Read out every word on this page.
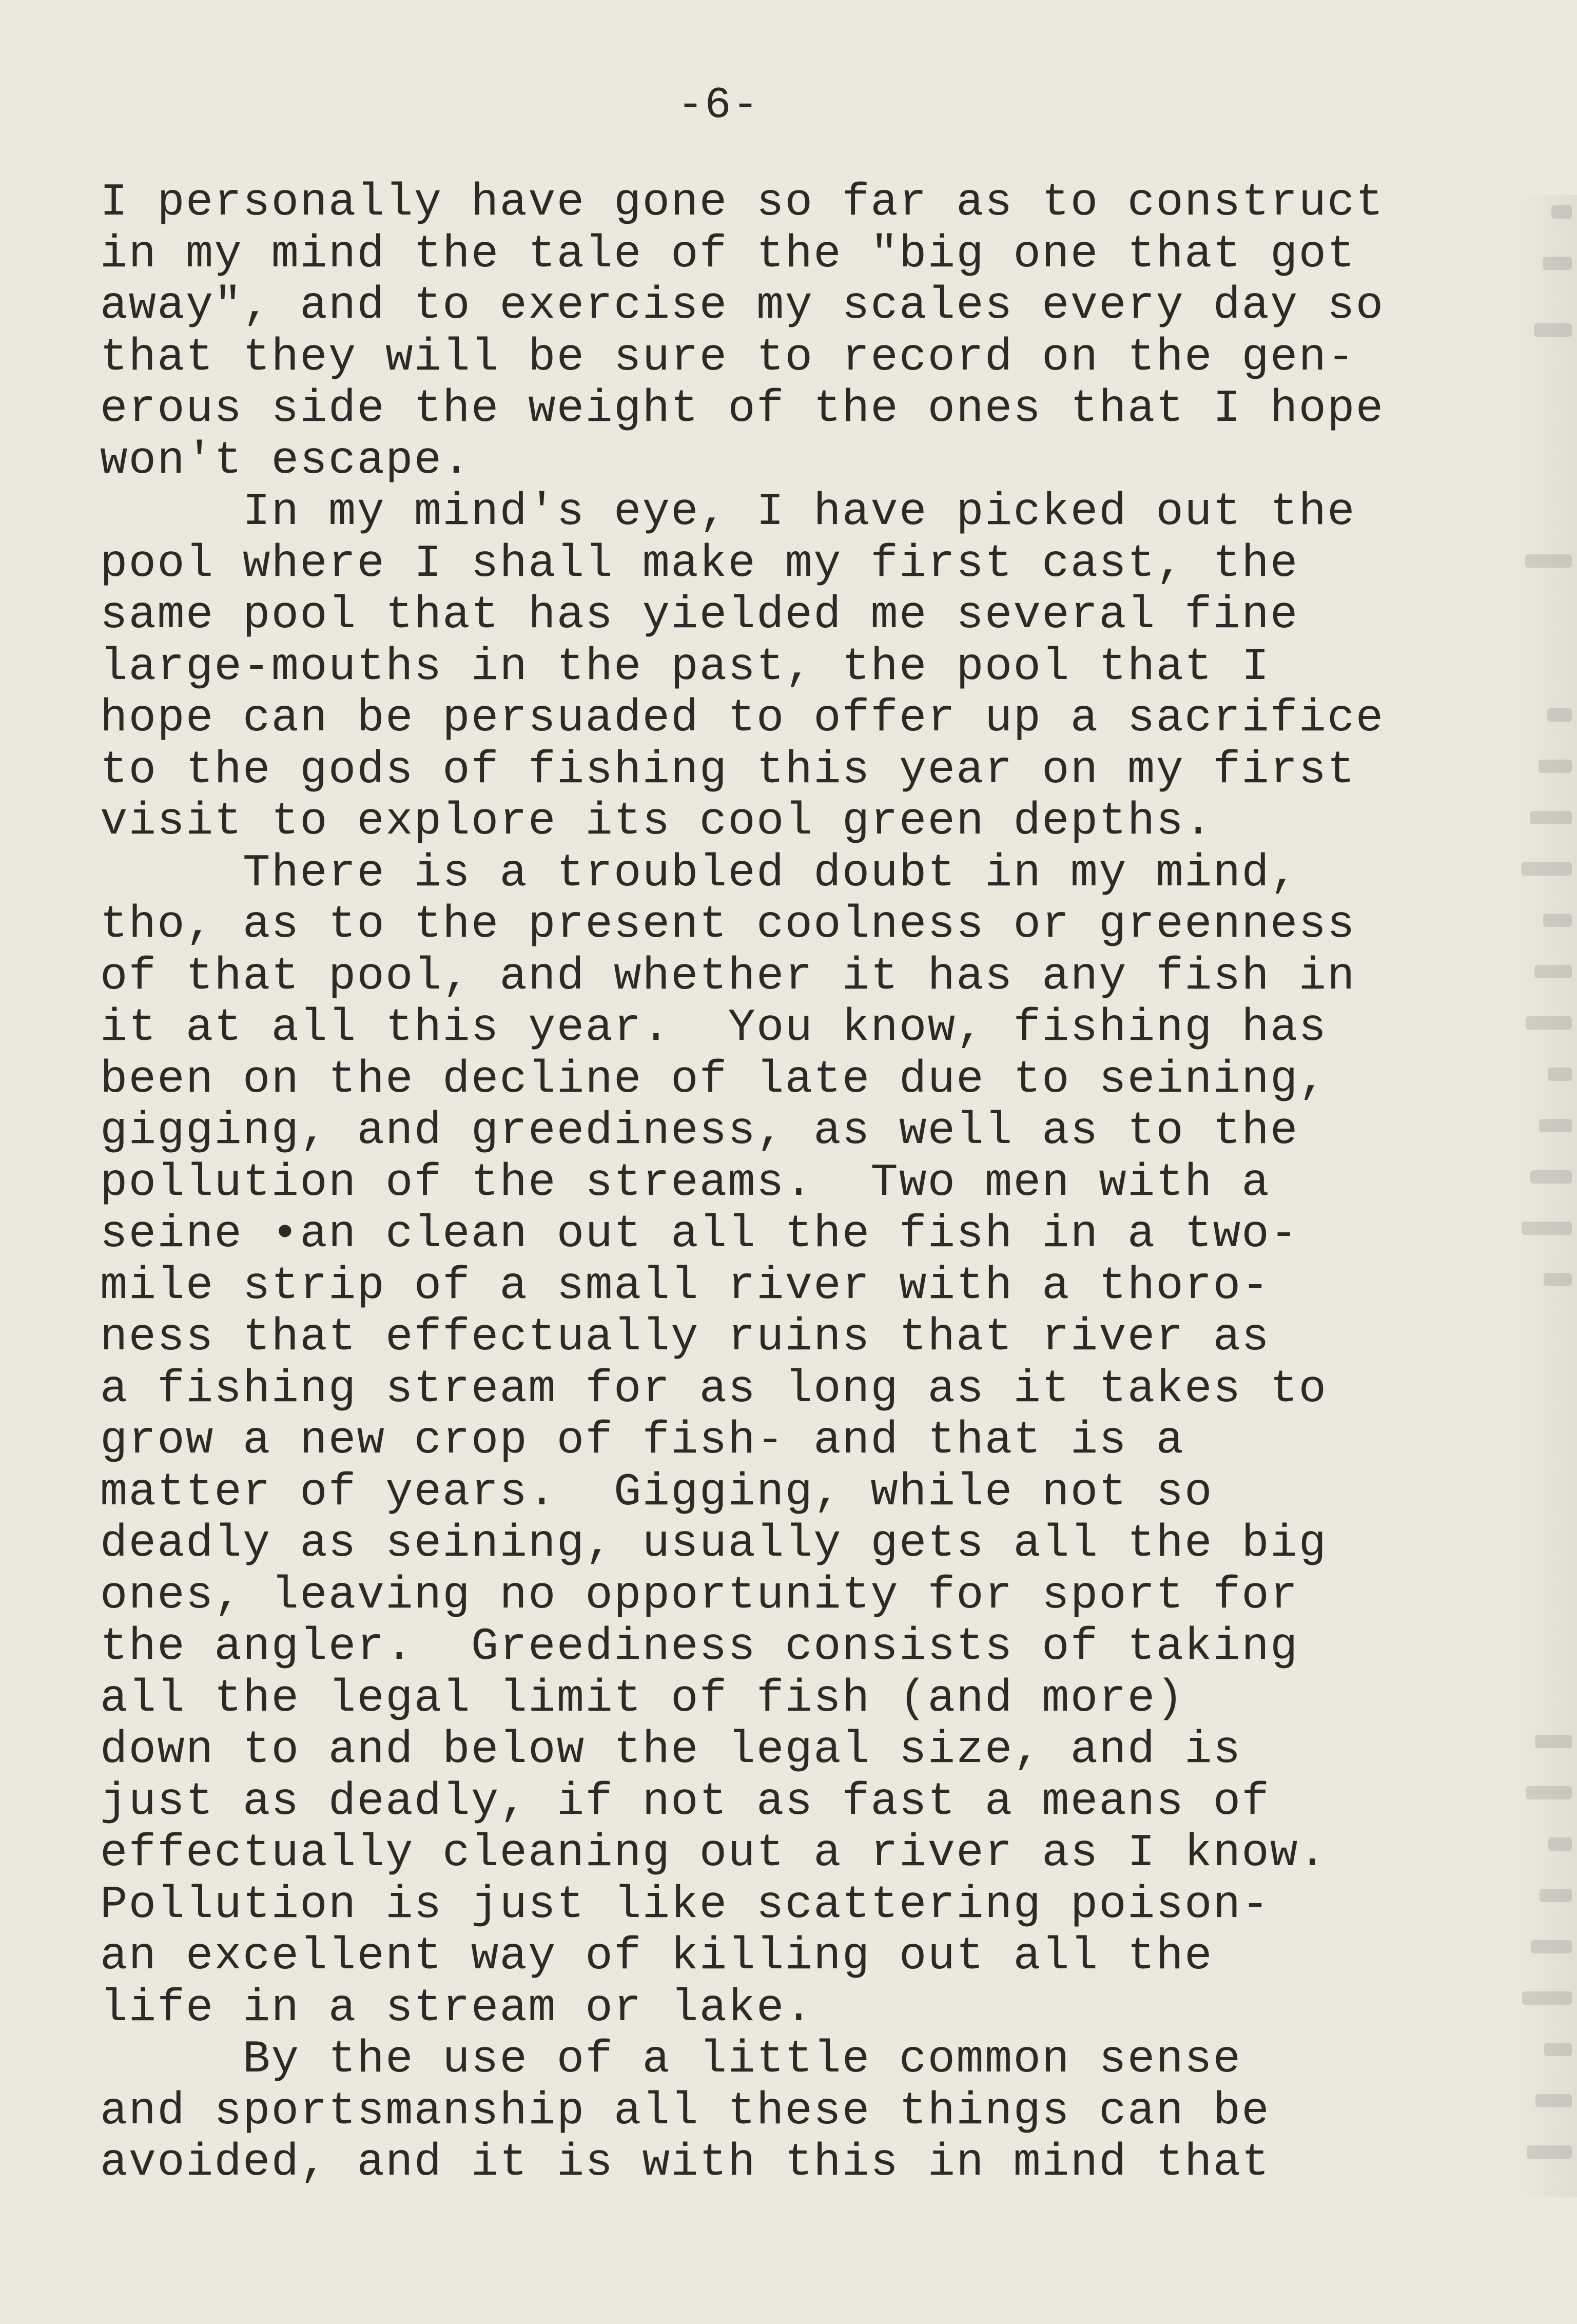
-6-
I personally have gone so far as to construct
in my mind the tale of the "big one that got
away", and to exercise my scales every day so
that they will be sure to record on the gen-
erous side the weight of the ones that I hope
won't escape.
In my mind's eye, I have picked out the
pool where I shall make my first cast, the
same pool that has yielded me several fine
large-mouths in the past, the pool that I
hope can be persuaded to offer up a sacrifice
to the gods of fishing this year on my first
visit to explore its cool green depths.
There is a troubled doubt in my mind,
tho, as to the present coolness or greenness
of that pool, and whether it has any fish in
it at all this year.  You know, fishing has
been on the decline of late due to seining,
gigging, and greediness, as well as to the
pollution of the streams.  Two men with a
seine •an clean out all the fish in a two-
mile strip of a small river with a thoro-
ness that effectually ruins that river as
a fishing stream for as long as it takes to
grow a new crop of fish- and that is a
matter of years.  Gigging, while not so
deadly as seining, usually gets all the big
ones, leaving no opportunity for sport for
the angler.  Greediness consists of taking
all the legal limit of fish (and more)
down to and below the legal size, and is
just as deadly, if not as fast a means of
effectually cleaning out a river as I know.
Pollution is just like scattering poison-
an excellent way of killing out all the
life in a stream or lake.
By the use of a little common sense
and sportsmanship all these things can be
avoided, and it is with this in mind that
